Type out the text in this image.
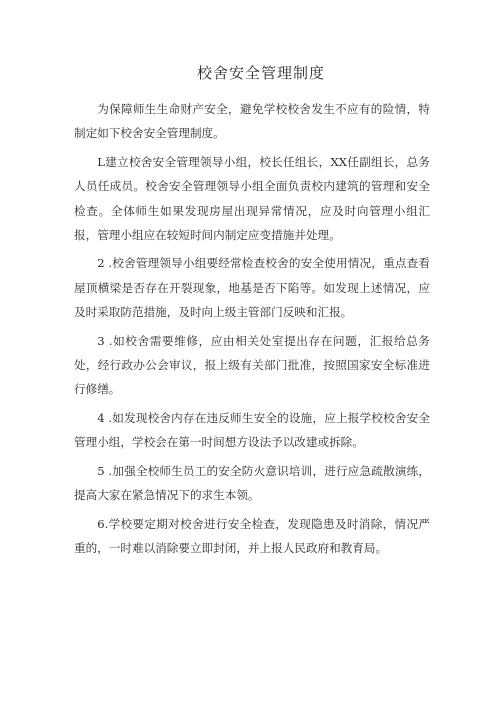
校舍安全管理制度

为保障师生生命财产安全，避免学校校舍发生不应有的险情，特制定如下校舍安全管理制度。

L建立校舍安全管理领导小组，校长任组长，XX任副组长，总务人员任成员。校舍安全管理领导小组全面负责校内建筑的管理和安全检查。全体师生如果发现房屋出现异常情况，应及时向管理小组汇报，管理小组应在较短时间内制定应变措施并处理。

2 .校舍管理领导小组要经常检查校舍的安全使用情况，重点查看屋顶横梁是否存在开裂现象，地基是否下陷等。如发现上述情况，应及时采取防范措施，及时向上级主管部门反映和汇报。

3 .如校舍需要维修，应由相关处室提出存在问题，汇报给总务处，经行政办公会审议，报上级有关部门批准，按照国家安全标准进行修缮。

4 .如发现校舍内存在违反师生安全的设施，应上报学校校舍安全管理小组，学校会在第一时间想方设法予以改建或拆除。

5 .加强全校师生员工的安全防火意识培训，进行应急疏散演练，提高大家在紧急情况下的求生本领。

6.学校要定期对校舍进行安全检查，发现隐患及时消除，情况严重的，一时难以消除要立即封闭，并上报人民政府和教育局。
